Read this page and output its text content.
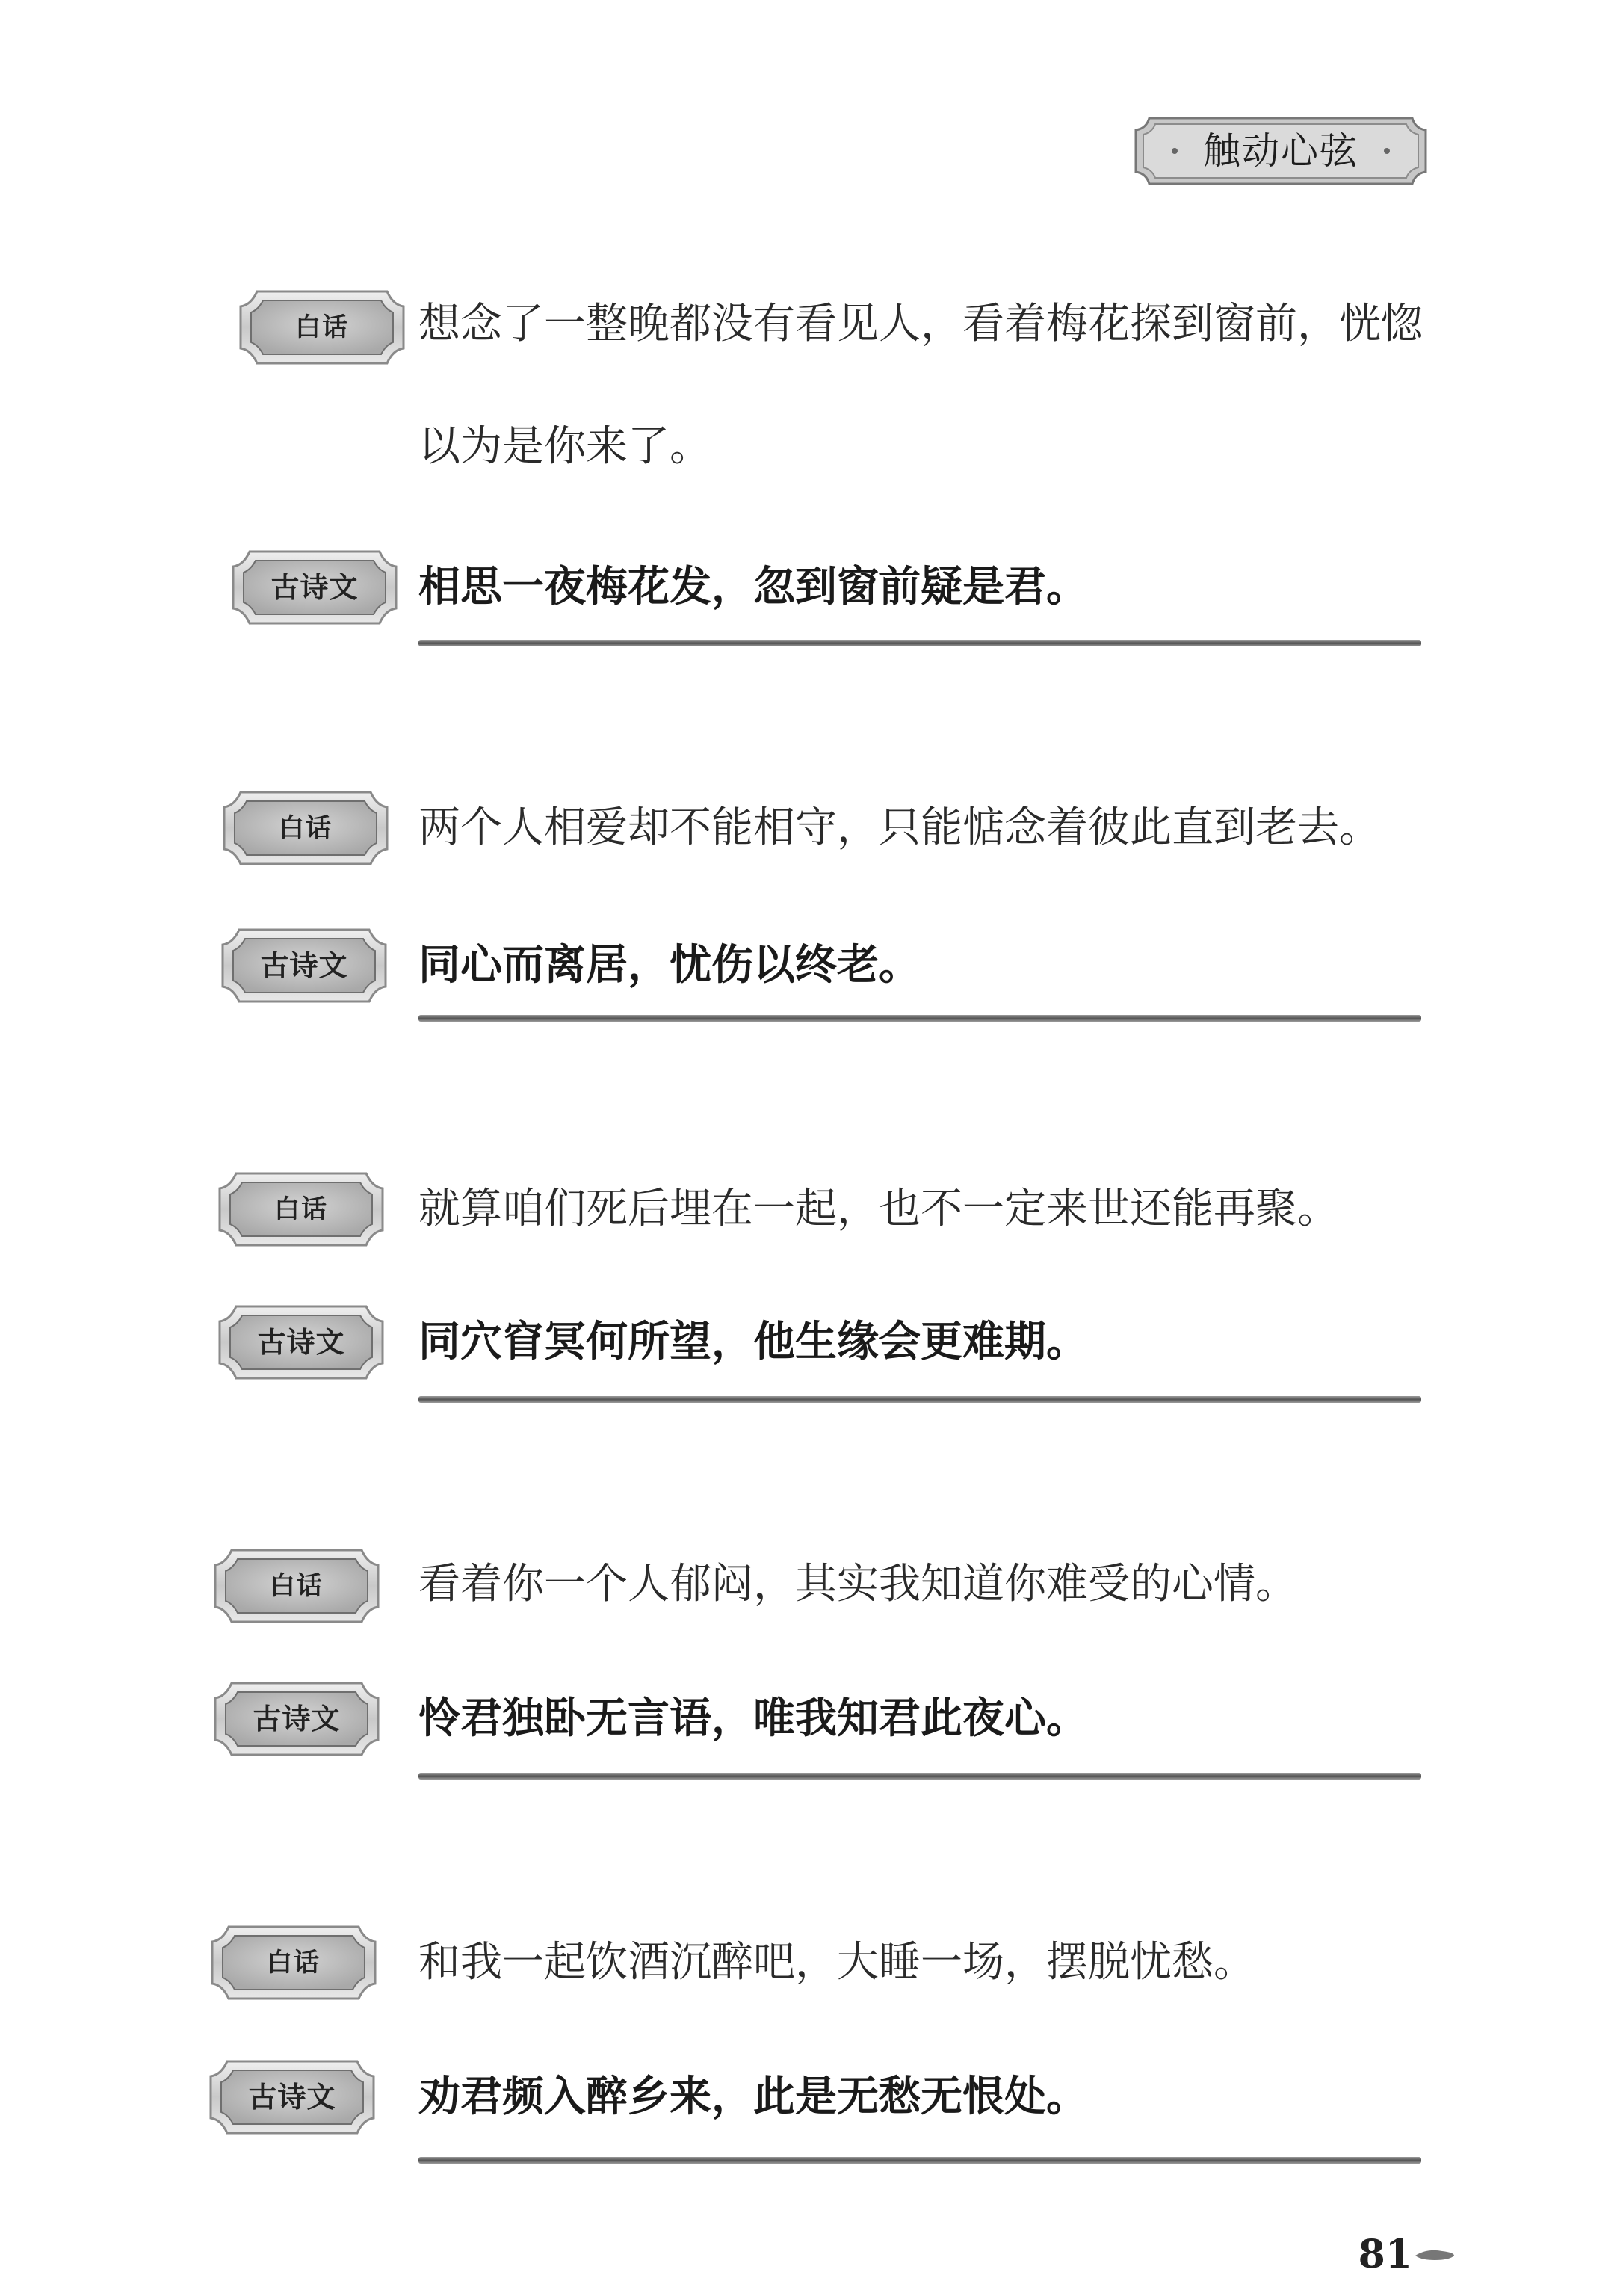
触动心弦
白话	想念了一整晚都没有看见人，看着梅花探到窗前，恍惚以为是你来了。
古诗文	相思一夜梅花发，忽到窗前疑是君。
白话	两个人相爱却不能相守，只能惦念着彼此直到老去。
古诗文	同心而离居，忧伤以终老。
白话	就算咱们死后埋在一起，也不一定来世还能再聚。
古诗文	同穴窅冥何所望，他生缘会更难期。
白话	看着你一个人郁闷，其实我知道你难受的心情。
古诗文	怜君独卧无言语，唯我知君此夜心。
白话	和我一起饮酒沉醉吧，大睡一场，摆脱忧愁。
古诗文	劝君频入醉乡来，此是无愁无恨处。
81
